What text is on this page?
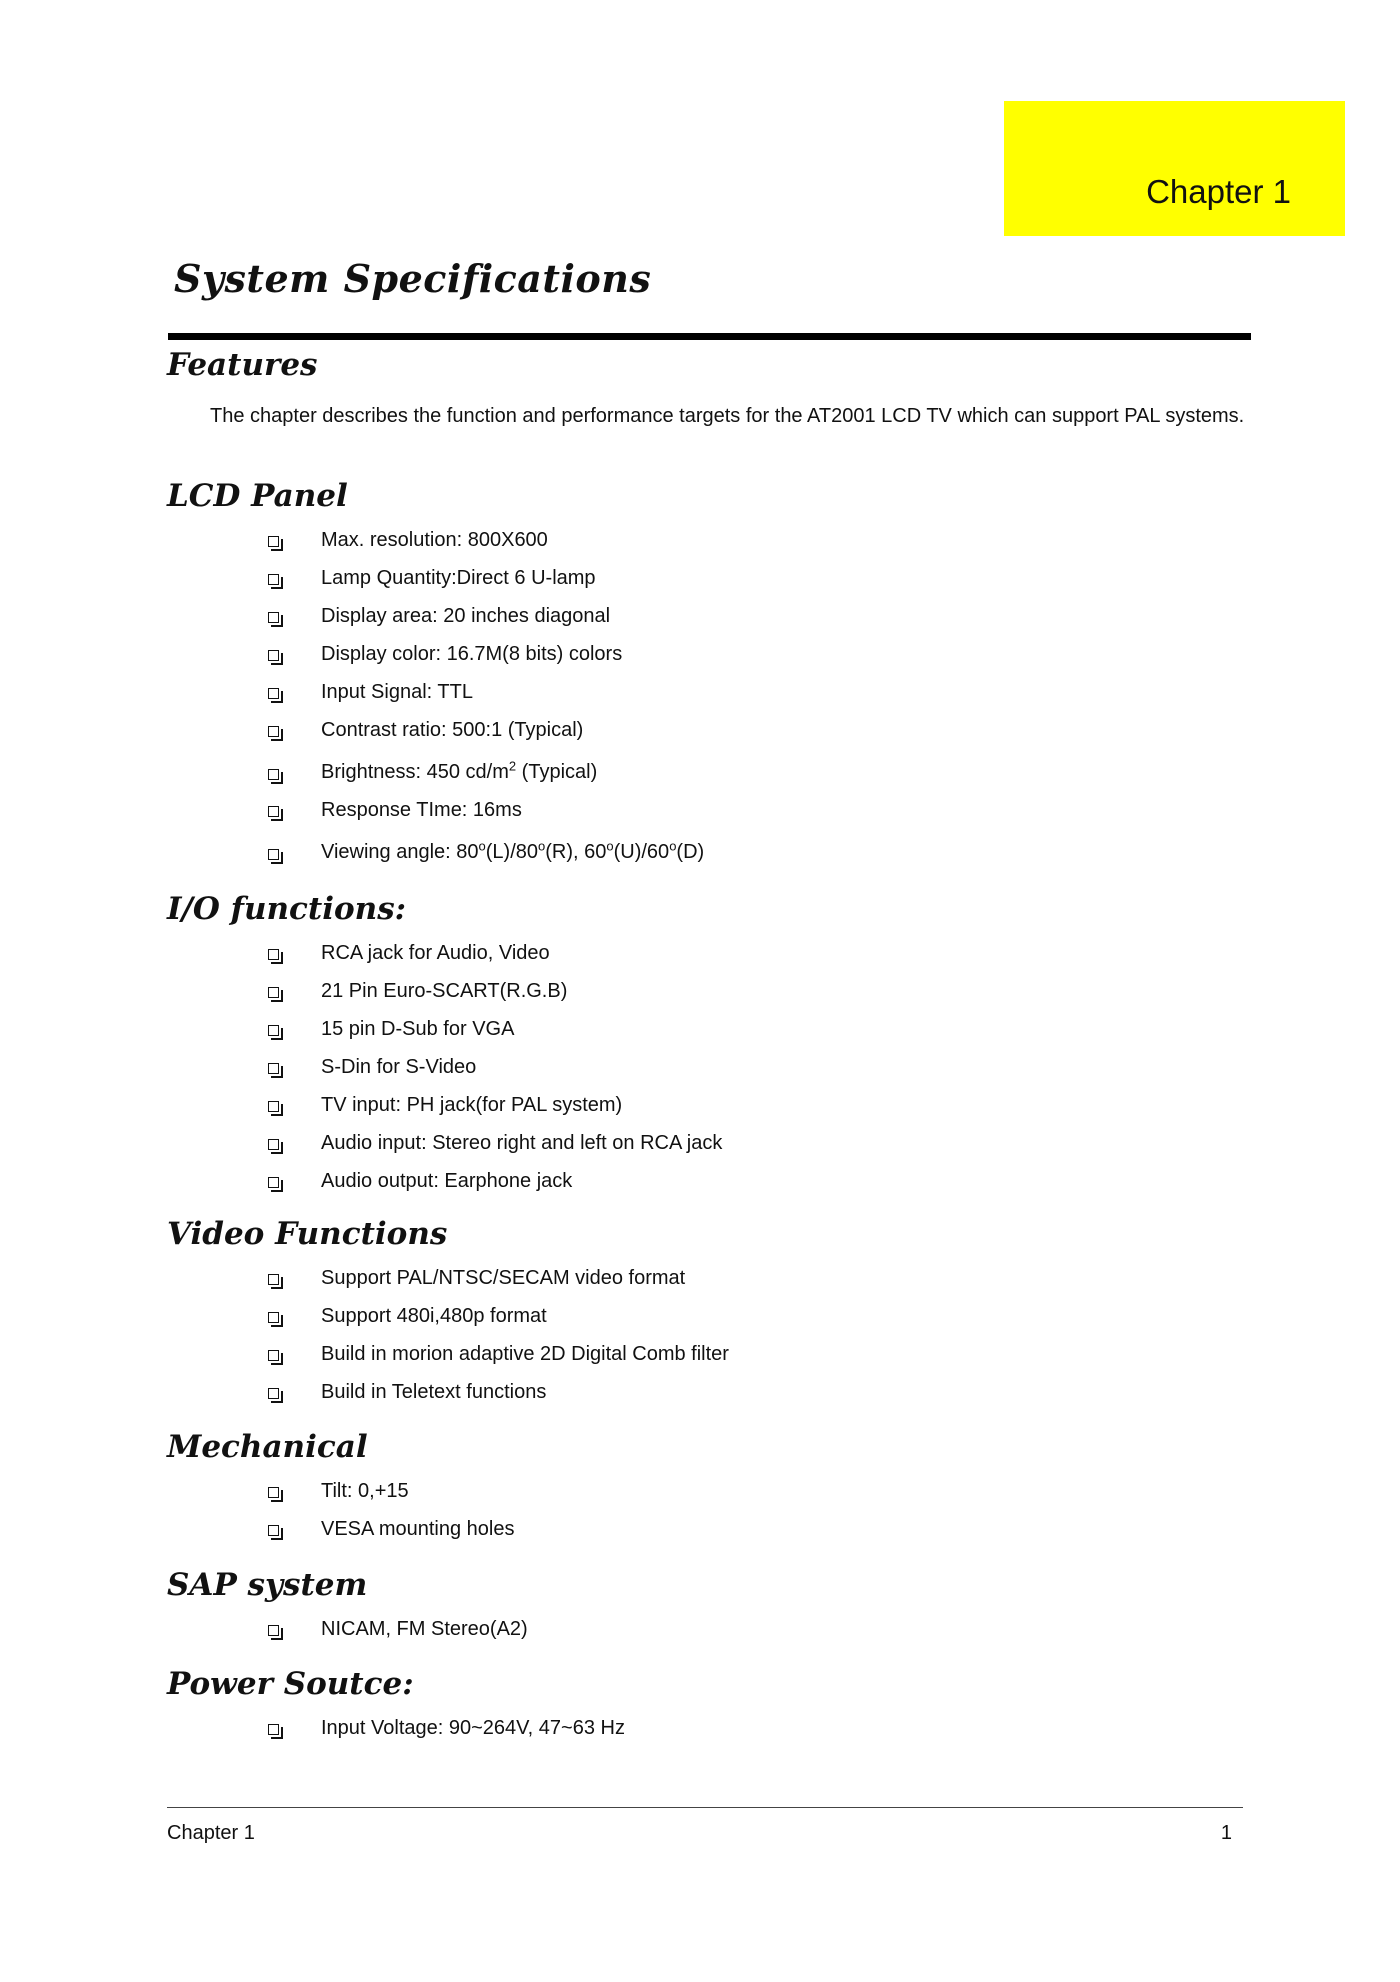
Chapter 1
System Specifications
Features

The chapter describes the function and performance targets for the AT2001 LCD TV which can support PAL systems.

LCD Panel
Max. resolution: 800X600
Lamp Quantity:Direct 6 U-lamp
Display area: 20 inches diagonal
Display color: 16.7M(8 bits) colors
Input Signal: TTL
Contrast ratio: 500:1 (Typical)
Brightness: 450 $cd/m^2$ (Typical)
Response TIme: 16ms
Viewing angle: 80$^o$(L)/80$^o$(R), 60$^o$(U)/60$^o$(D)
I/O functions:
RCA jack for Audio, Video
21 Pin Euro-SCART(R.G.B)
15 pin D-Sub for VGA
S-Din for S-Video
TV input: PH jack(for PAL system)
Audio input: Stereo right and left on RCA jack
Audio output: Earphone jack
Video Functions
Support PAL/NTSC/SECAM video format
Support 480i,480p format
Build in morion adaptive 2D Digital Comb filter
Build in Teletext functions
Mechanical
Tilt: 0,+15
VESA mounting holes
SAP system
NICAM, FM Stereo(A2)
Power Soutce:
Input Voltage: 90~264V, 47~63 Hz
Chapter 1	1
